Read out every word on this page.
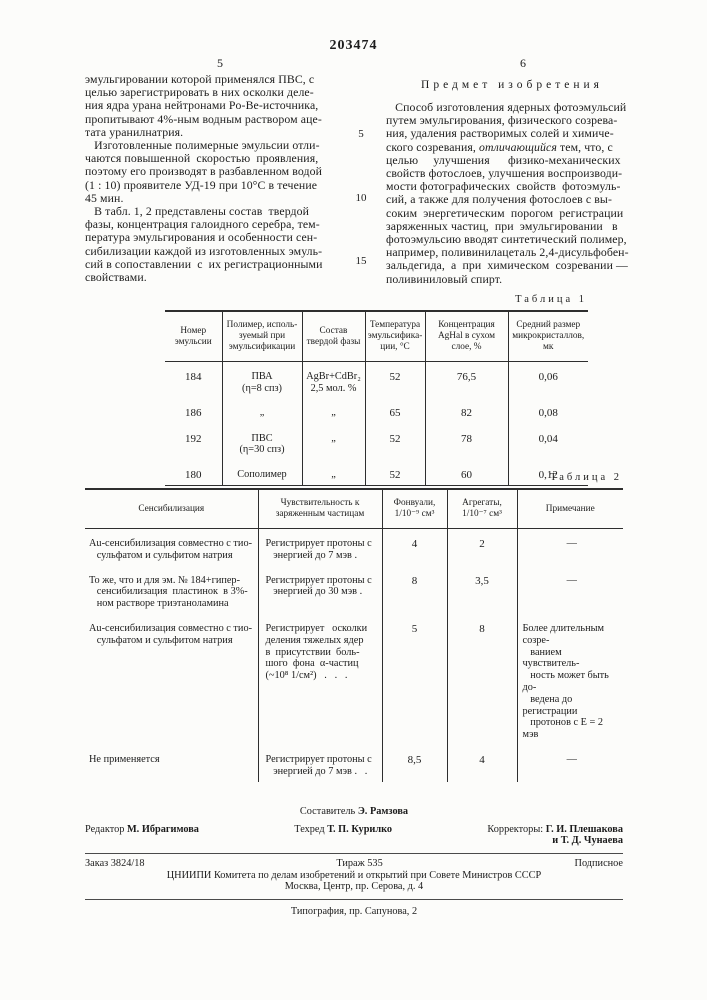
203474
5	6

эмульгировании которой применялся ПВС, с
целью зарегистрировать в них осколки деле-
ния ядра урана нейтронами Po-Be-источника,
пропитывают 4%-ным водным раствором аце-
тата уранилнатрия.

Изготовленные полимерные эмульсии отли-
чаются повышенной  скоростью  проявления,
поэтому его производят в разбавленном водой
(1 : 10) проявителе УД-19 при 10°С в течение
45 мин.

В табл. 1, 2 представлены состав  твердой
фазы, концентрация галоидного серебра, тем-
пература эмульгирования и особенности сен-
сибилизации каждой из изготовленных эмуль-
сий в сопоставлении  с  их регистрационными
свойствами.

Предмет изобретения

Способ изготовления ядерных фотоэмульсий
путем эмульгирования, физического созрева-
ния, удаления растворимых солей и химиче-
ского созревания, отличающийся тем, что, с
целью     улучшения      физико-механических
свойств фотослоев, улучшения воспроизводи-
мости фотографических  свойств  фотоэмуль-
сий, а также для получения фотослоев с вы-
соким  энергетическим  порогом  регистрации
заряженных частиц,  при  эмульгировании   в
фотоэмульсию вводят синтетический полимер,
например, поливинилацеталь 2,4-дисульфобен-
зальдегида,  а  при  химическом  созревании —
поливиниловый спирт.

5
10
15
Таблица 1
Номер
эмульсии	Полимер, исполь-
зуемый при
эмульсификации	Состав
твердой фазы	Температура
эмульсифика-
ции, °С	Концентрация
AgHal в сухом
слое, %	Средний размер
микрокристаллов,
мк
184	ПВА
(η=8 спз)	AgBr+CdBr₂
2,5 мол. %	52	76,5	0,06
186	„	„	65	82	0,08
192	ПВС
(η=30 спз)	„	52	78	0,04
180	Сополимер	„	52	60	0,12
Таблица 2
Сенсибилизация	Чувствительность к
заряженным частицам	Фонвуали,
1/10⁻⁹ см³	Агрегаты,
1/10⁻⁷ см³	Примечание
Аu-сенсибилизация совместно с тио-
сульфатом и сульфитом натрия	Регистрирует протоны с
энергией до 7 мэв .	4	2	—
То же, что и для эм. № 184+гипер-
сенсибилизация  пластинок  в 3%-
ном растворе триэтаноламина	Регистрирует протоны с
энергией до 30 мэв .	8	3,5	—
Аu-сенсибилизация совместно с тио-
сульфатом и сульфитом натрия	Регистрирует   осколки
деления тяжелых ядер
в  присутствии  боль-
шого  фона  α-частиц
(~10⁸ 1/см²)   .   .   .	5	8	Более длительным созре-
ванием   чувствитель-
ность может быть до-
ведена до регистрации
протонов с Е = 2 мэв
Не применяется	Регистрирует протоны с
энергией до 7 мэв .   .	8,5	4	—
Составитель Э. Рамзова
Редактор М. Ибрагимова	Техред Т. П. Курилко	Корректоры: Г. И. Плешакова
и Т. Д. Чунаева
Заказ 3824/18	Тираж 535	Подписное
ЦНИИПИ Комитета по делам изобретений и открытий при Совете Министров СССР
Москва, Центр, пр. Серова, д. 4
Типография, пр. Сапунова, 2
